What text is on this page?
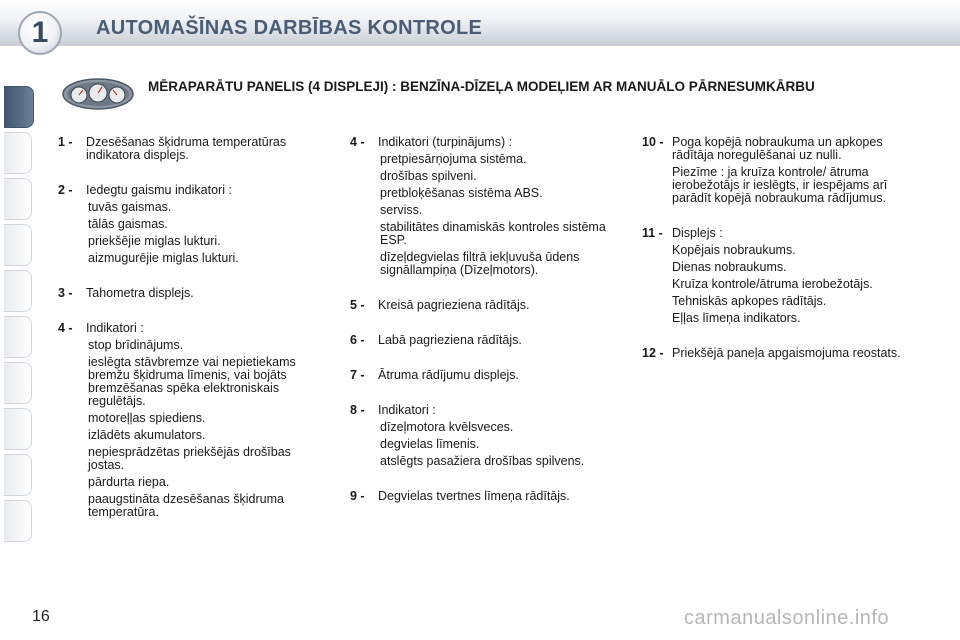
1	AUTOMAŠĪNAS DARBĪBAS KONTROLE
MĒRAPARĀTU PANELIS (4 DISPLEJI) : BENZĪNA-DĪZEĻA MODEĻIEM AR MANUĀLO PĀRNESUMKĀRBU
1 -	Dzesēšanas šķidruma temperatūras indikatora displejs.
2 -	Iedegtu gaismu indikatori :
tuvās gaismas.
tālās gaismas.
priekšējie miglas lukturi.
aizmugurējie miglas lukturi.
3 -	Tahometra displejs.
4 -	Indikatori :
stop brīdinājums.
ieslēgta stāvbremze vai nepietiekams bremžu šķidruma līmenis, vai bojāts bremzēšanas spēka elektroniskais regulētājs.
motoreļļas spiediens.
izlādēts akumulators.
nepiesprādzētas priekšējās drošības jostas.
pārdurta riepa.
paaugstināta dzesēšanas šķidruma temperatūra.
4 -	Indikatori (turpinājums) :
pretpiesārņojuma sistēma.
drošības spilveni.
pretbloķēšanas sistēma ABS.
serviss.
stabilitātes dinamiskās kontroles sistēma ESP.
dīzeļdegvielas filtrā iekļuvuša ūdens signāllampiņa (Dīzeļmotors).
5 -	Kreisā pagrieziena rādītājs.
6 -	Labā pagrieziena rādītājs.
7 -	Ātruma rādījumu displejs.
8 -	Indikatori :
dīzeļmotora kvēlsveces.
degvielas līmenis.
atslēgts pasažiera drošības spilvens.
9 -	Degvielas tvertnes līmeņa rādītājs.
10 - Poga kopējā nobraukuma un apkopes rādītāja noregulēšanai uz nulli.
Piezīme : ja kruīza kontrole/ ātruma ierobežotājs ir ieslēgts, ir iespējams arī parādīt kopējā nobraukuma rādījumus.
11 - Displejs :
Kopējais nobraukums.
Dienas nobraukums.
Kruīza kontrole/ātruma ierobežotājs.
Tehniskās apkopes rādītājs.
Eļļas līmeņa indikators.
12 - Priekšējā paneļa apgaismojuma reostats.
16	carmanualsonline.info
